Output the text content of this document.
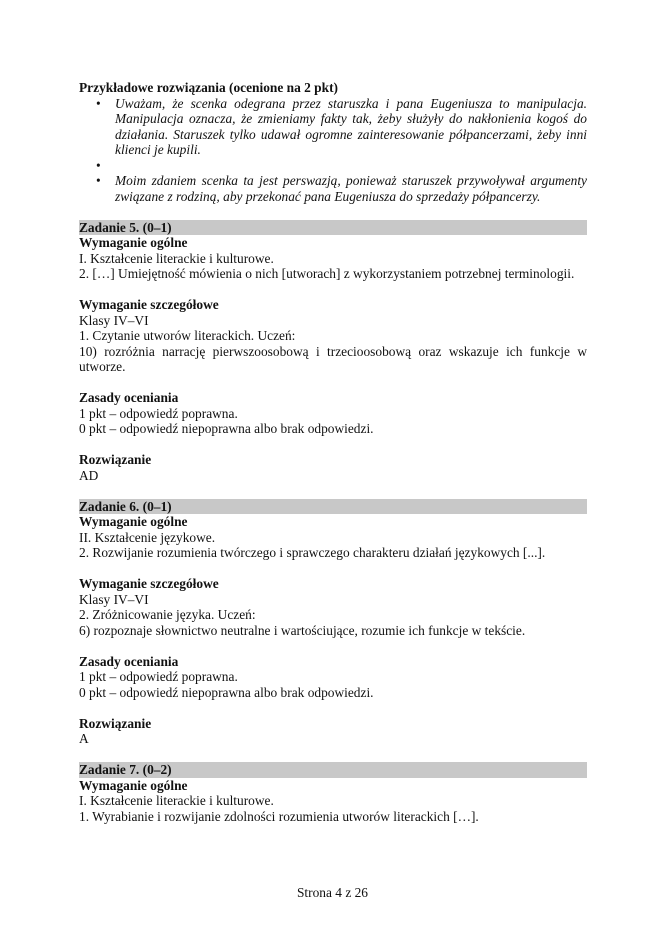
Przykładowe rozwiązania (ocenione na 2 pkt)
• Uważam, że scenka odegrana przez staruszka i pana Eugeniusza to manipulacja. Manipulacja oznacza, że zmieniamy fakty tak, żeby służyły do nakłonienia kogoś do działania. Staruszek tylko udawał ogromne zainteresowanie półpancerzami, żeby inni klienci je kupili.
•
• Moim zdaniem scenka ta jest perswazją, ponieważ staruszek przywoływał argumenty związane z rodziną, aby przekonać pana Eugeniusza do sprzedaży półpancerzy.
Zadanie 5. (0–1)
Wymaganie ogólne
I. Kształcenie literackie i kulturowe.
2. […] Umiejętność mówienia o nich [utworach] z wykorzystaniem potrzebnej terminologii.
Wymaganie szczegółowe
Klasy IV–VI
1. Czytanie utworów literackich. Uczeń:
10) rozróżnia narrację pierwszoosobową i trzecioosobową oraz wskazuje ich funkcje w utworze.
Zasady oceniania
1 pkt – odpowiedź poprawna.
0 pkt – odpowiedź niepoprawna albo brak odpowiedzi.
Rozwiązanie
AD
Zadanie 6. (0–1)
Wymaganie ogólne
II. Kształcenie językowe.
2. Rozwijanie rozumienia twórczego i sprawczego charakteru działań językowych [...].
Wymaganie szczegółowe
Klasy IV–VI
2. Zróżnicowanie języka. Uczeń:
6) rozpoznaje słownictwo neutralne i wartościujące, rozumie ich funkcje w tekście.
Zasady oceniania
1 pkt – odpowiedź poprawna.
0 pkt – odpowiedź niepoprawna albo brak odpowiedzi.
Rozwiązanie
A
Zadanie 7. (0–2)
Wymaganie ogólne
I. Kształcenie literackie i kulturowe.
1. Wyrabianie i rozwijanie zdolności rozumienia utworów literackich […].
Strona 4 z 26
